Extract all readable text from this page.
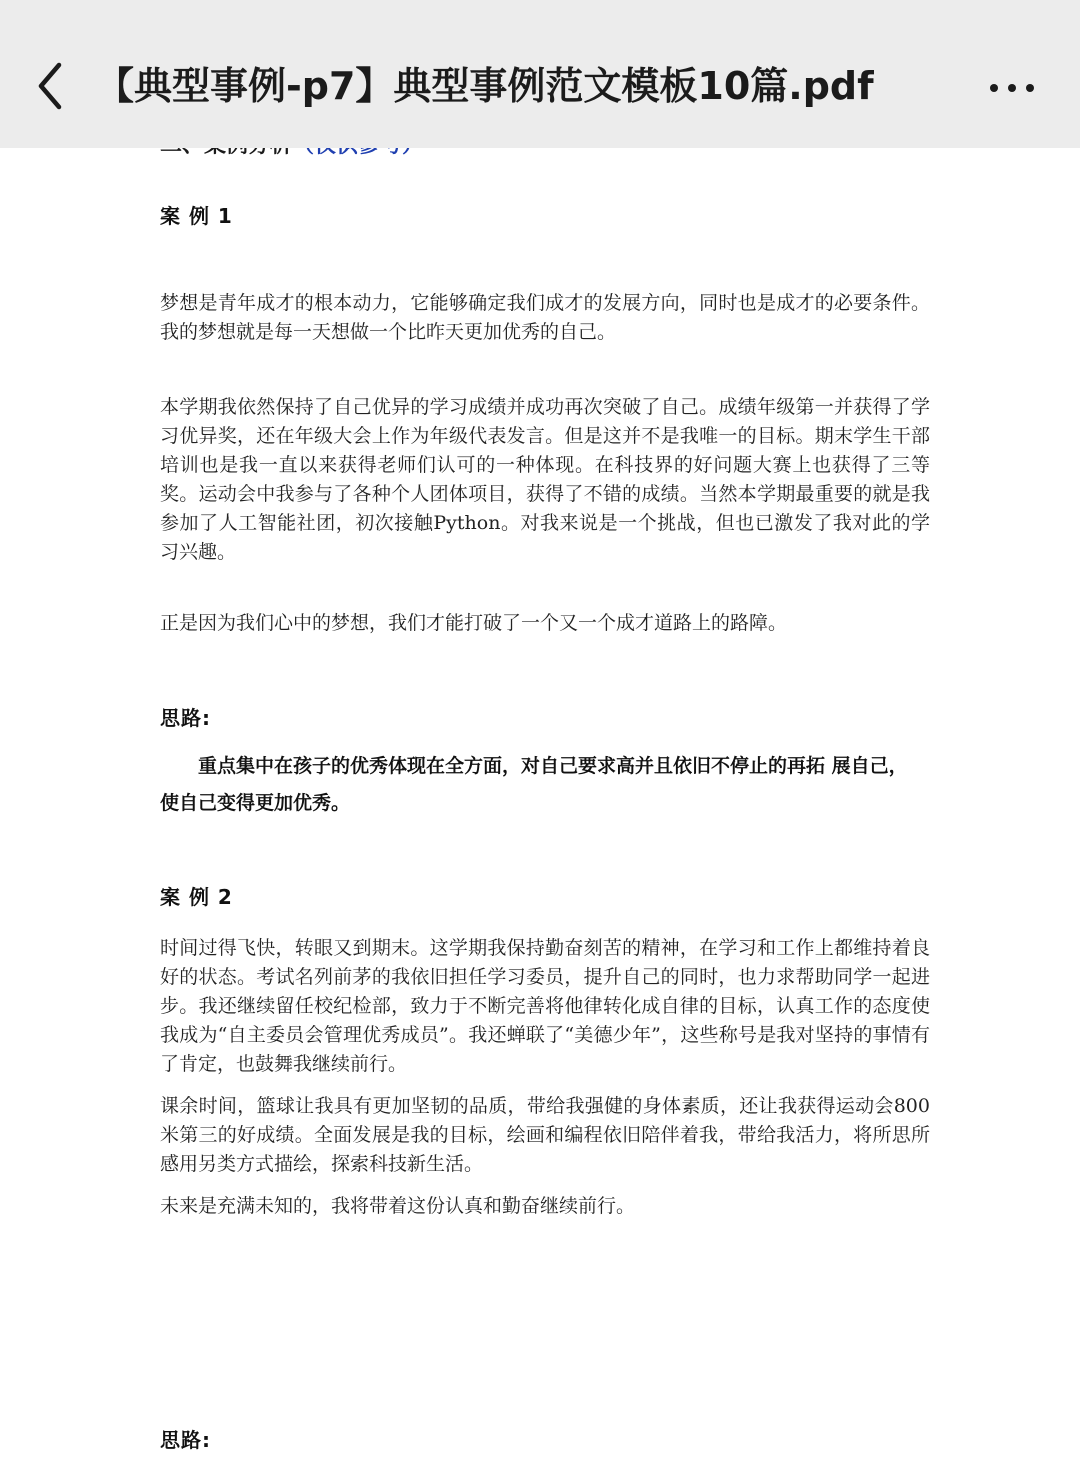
案 例 1

梦想是青年成才的根本动力，它能够确定我们成才的发展方向，同时也是成才的必要条件。我的梦想就是每一天想做一个比昨天更加优秀的自己。

本学期我依然保持了自己优异的学习成绩并成功再次突破了自己。成绩年级第一并获得了学习优异奖，还在年级大会上作为年级代表发言。但是这并不是我唯一的目标。期末学生干部培训也是我一直以来获得老师们认可的一种体现。在科技界的好问题大赛上也获得了三等奖。运动会中我参与了各种个人团体项目，获得了不错的成绩。当然本学期最重要的就是我参加了人工智能社团，初次接触Python。对我来说是一个挑战，但也已激发了我对此的学习兴趣。

正是因为我们心中的梦想，我们才能打破了一个又一个成才道路上的路障。

思路:

重点集中在孩子的优秀体现在全方面，对自己要求高并且依旧不停止的再拓 展自己，使自己变得更加优秀。

案 例 2

时间过得飞快，转眼又到期末。这学期我保持勤奋刻苦的精神，在学习和工作上都维持着良好的状态。考试名列前茅的我依旧担任学习委员，提升自己的同时，也力求帮助同学一起进步。我还继续留任校纪检部，致力于不断完善将他律转化成自律的目标，认真工作的态度使我成为“自主委员会管理优秀成员”。我还蝉联了“美德少年”，这些称号是我对坚持的事情有了肯定，也鼓舞我继续前行。

课余时间，篮球让我具有更加坚韧的品质，带给我强健的身体素质，还让我获得运动会800米第三的好成绩。全面发展是我的目标，绘画和编程依旧陪伴着我，带给我活力，将所思所感用另类方式描绘，探索科技新生活。

未来是充满未知的，我将带着这份认真和勤奋继续前行。

思路:
【典型事例-p7】典型事例范文模板10篇.pdf
